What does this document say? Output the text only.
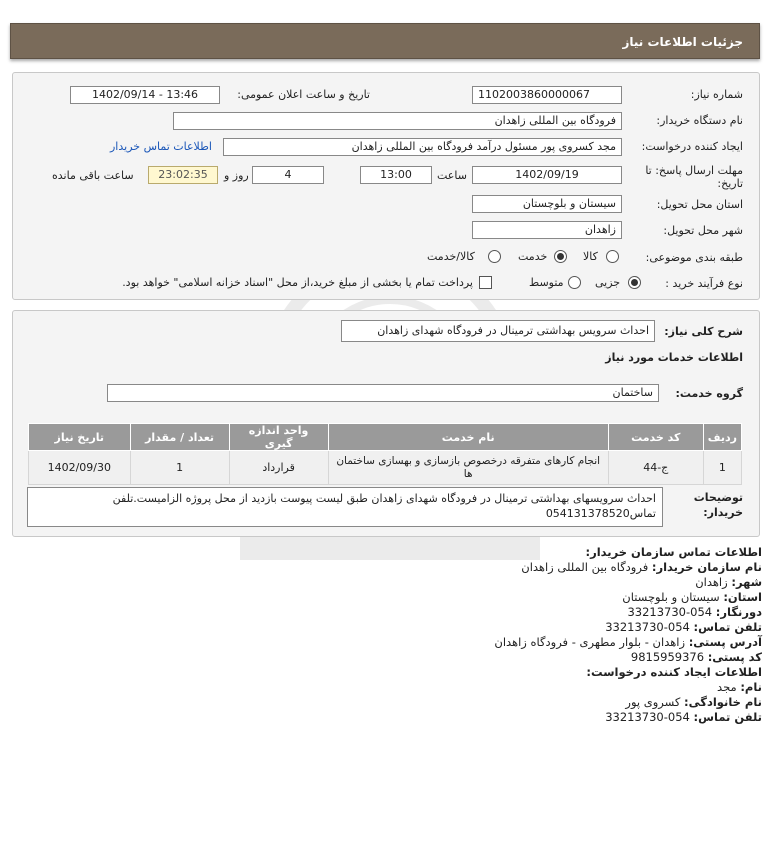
جزئیات اطلاعات نیاز
شماره نیاز:
1102003860000067
تاریخ و ساعت اعلان عمومی:
1402/09/14 - 13:46
نام دستگاه خریدار:
فرودگاه بین المللی زاهدان
ایجاد کننده درخواست:
مجد کسروی پور مسئول درآمد فرودگاه بین المللی زاهدان
اطلاعات تماس خریدار
مهلت ارسال پاسخ: تا
تاریخ:
1402/09/19
ساعت
13:00
4
روز و
23:02:35
ساعت باقی مانده
استان محل تحویل:
سیستان و بلوچستان
شهر محل تحویل:
زاهدان
طبقه بندی موضوعی:
کالا
خدمت
کالا/خدمت
نوع فرآیند خرید :
جزیی
متوسط
پرداخت تمام یا بخشی از مبلغ خرید،از محل "اسناد خزانه اسلامی" خواهد بود.
شرح کلی نیاز:
احداث سرویس بهداشتی ترمینال در فرودگاه شهدای زاهدان
اطلاعات خدمات مورد نیاز
گروه خدمت:
ساختمان
ردیف	کد خدمت	نام خدمت	واحد اندازه گیری	تعداد / مقدار	تاریخ نیاز
1	ج-44	انجام کارهای متفرقه درخصوص بازسازی و بهسازی ساختمان ها	قرارداد	1	1402/09/30
توضیحات
خریدار:
احداث سرویسهای بهداشتی ترمینال در فرودگاه شهدای زاهدان طبق لیست پیوست بازدید از محل پروژه الزامیست.تلفن تماس054131378520
اطلاعات تماس سازمان خریدار:
نام سازمان خریدار: فرودگاه بین المللی زاهدان
شهر: زاهدان
استان: سیستان و بلوچستان
دورنگار: 054-33213730
تلفن تماس: 054-33213730
آدرس پستی: زاهدان - بلوار مطهری - فرودگاه زاهدان
کد پستی: 9815959376
اطلاعات ایجاد کننده درخواست:
نام: مجد
نام خانوادگی: کسروی پور
تلفن تماس: 054-33213730
